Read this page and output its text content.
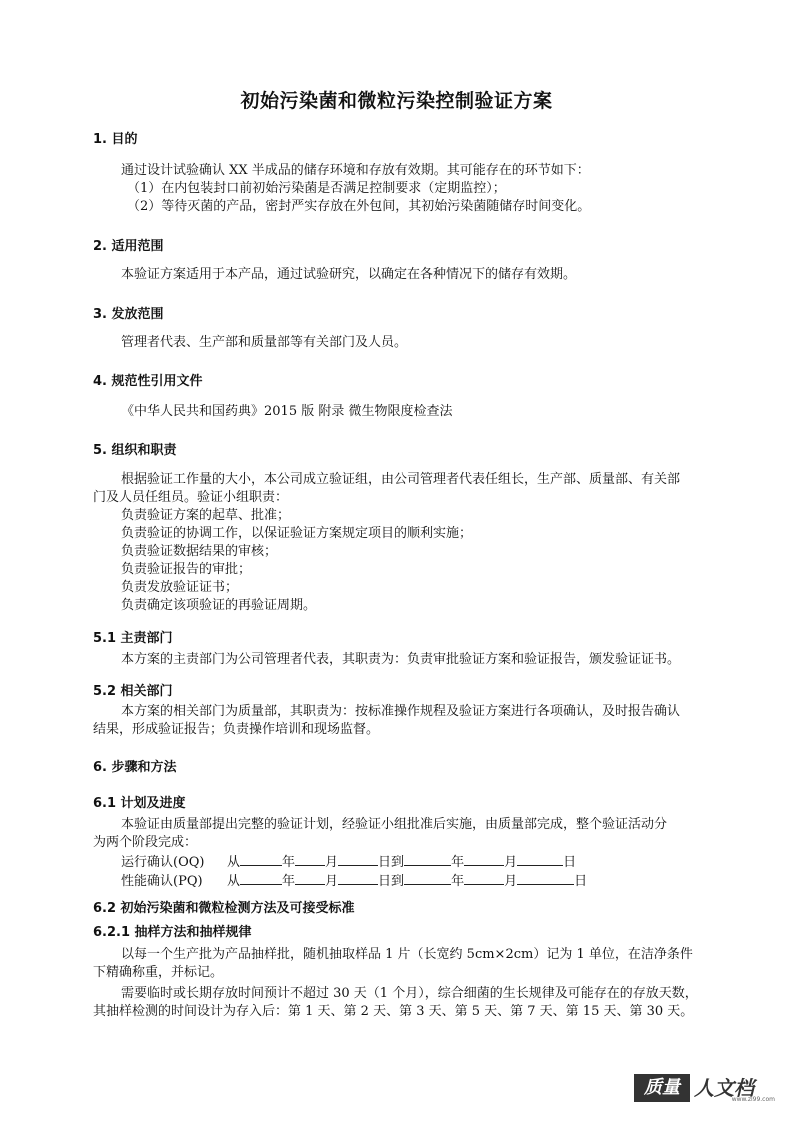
初始污染菌和微粒污染控制验证方案
1. 目的
通过设计试验确认 XX 半成品的储存环境和存放有效期。其可能存在的环节如下：
（1）在内包装封口前初始污染菌是否满足控制要求（定期监控）；
（2）等待灭菌的产品，密封严实存放在外包间，其初始污染菌随储存时间变化。
2. 适用范围
本验证方案适用于本产品，通过试验研究，以确定在各种情况下的储存有效期。
3. 发放范围
管理者代表、生产部和质量部等有关部门及人员。
4. 规范性引用文件
《中华人民共和国药典》2015 版 附录 微生物限度检查法
5. 组织和职责
根据验证工作量的大小，本公司成立验证组，由公司管理者代表任组长，生产部、质量部、有关部
门及人员任组员。验证小组职责：
负责验证方案的起草、批准；
负责验证的协调工作，以保证验证方案规定项目的顺利实施；
负责验证数据结果的审核；
负责验证报告的审批；
负责发放验证证书；
负责确定该项验证的再验证周期。
5.1 主责部门
本方案的主责部门为公司管理者代表，其职责为：负责审批验证方案和验证报告，颁发验证证书。
5.2 相关部门
本方案的相关部门为质量部，其职责为：按标准操作规程及验证方案进行各项确认，及时报告确认
结果，形成验证报告；负责操作培训和现场监督。
6. 步骤和方法
6.1 计划及进度
本验证由质量部提出完整的验证计划，经验证小组批准后实施，由质量部完成，整个验证活动分
为两个阶段完成：
运行确认(OQ) 从	年 月	日到	年	月	日
性能确认(PQ) 从	年 月	日到	年	月	日
6.2 初始污染菌和微粒检测方法及可接受标准
6.2.1 抽样方法和抽样规律
以每一个生产批为产品抽样批，随机抽取样品 1 片（长宽约 5cm×2cm）记为 1 单位，在洁净条件
下精确称重，并标记。
需要临时或长期存放时间预计不超过 30 天（1 个月），综合细菌的生长规律及可能存在的存放天数，
其抽样检测的时间设计为存入后：第 1 天、第 2 天、第 3 天、第 5 天、第 7 天、第 15 天、第 30 天。
质量 人文档
www.zl99.com
